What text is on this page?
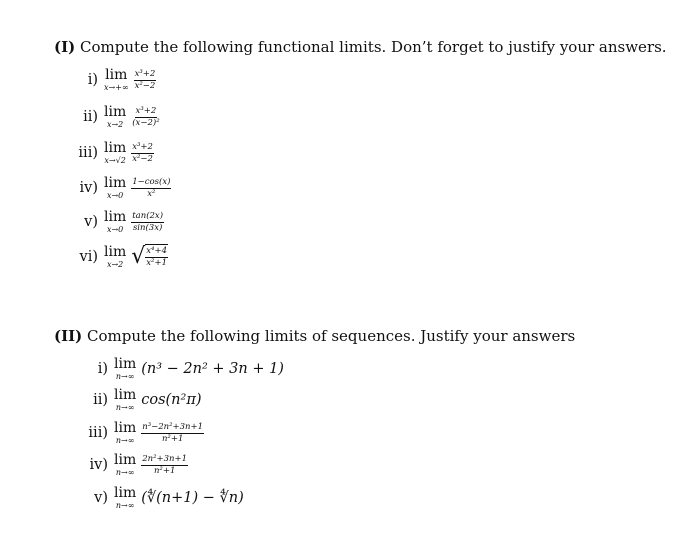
(I) Compute the following functional limits. Don’t forget to justify your answers.
i) lim
$x\to+\infty \frac{\text{x³+2}}{\text{x²−2}}$
ii) lim
$x\to 2 \frac{\text{x³+2}}{\text{(x−2)²}}$
iii) lim
$x\to√2 \frac{\text{x³+2}}{\text{x²−2}}$
iv) lim
$x\to 0 \frac{1-\cos(x)}{\text{x²}}$
v) lim
$x\to 0 \frac{\tan(2x)}{\sin(3x)}$
vi) lim
x→2 √ $\frac{\text{x⁴+4}}{\text{x²+1}}$
(II) Compute the following limits of sequences. Justify your answers
i) lim
n→∞ (n³ − 2n² + 3n + 1)
ii) lim
n→∞ cos(n²π)
iii) lim
$n\to\infty \frac{\text{n³−2n²+3n+1}}{\text{n²+1}}$
iv) lim
$n\to\infty \frac{\text{2n²+3n+1}}{\text{n²+1}}$
v) lim
n→∞ (∜(n+1) − ∜n)
